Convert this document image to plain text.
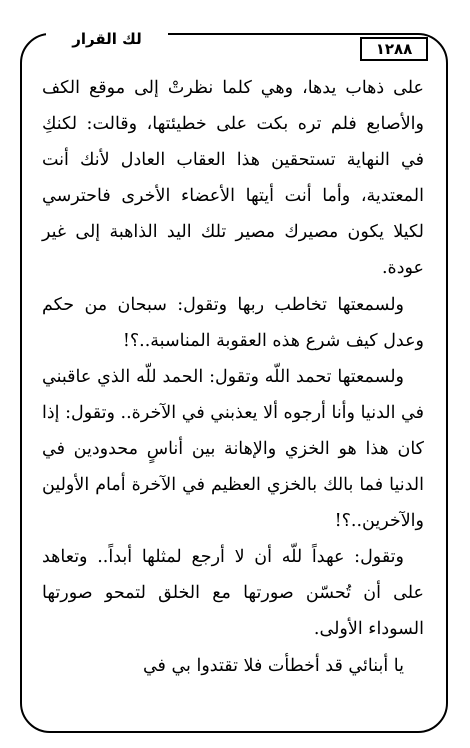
لك القرار
١٢٨٨

على ذهاب يدها، وهي كلما نظرتْ إلى موقع الكف والأصابع فلم تره بكت على خطيئتها، وقالت: لكنكِ في النهاية تستحقين هذا العقاب العادل لأنك أنت المعتدية، وأما أنت أيتها الأعضاء الأخرى فاحترسي لكيلا يكون مصيرك مصير تلك اليد الذاهبة إلى غير عودة.

ولسمعتها تخاطب ربها وتقول: سبحان من حكم وعدل كيف شرع هذه العقوبة المناسبة..؟!

ولسمعتها تحمد اللّه وتقول: الحمد للّه الذي عاقبني في الدنيا وأنا أرجوه ألا يعذبني في الآخرة.. وتقول: إذا كان هذا هو الخزي والإهانة بين أناسٍ محدودين في الدنيا فما بالك بالخزي العظيم في الآخرة أمام الأولين والآخرين..؟!

وتقول: عهداً للّه أن لا أرجع لمثلها أبداً.. وتعاهد على أن تُحسّن صورتها مع الخلق لتمحو صورتها السوداء الأولى.

يا أبنائي قد أخطأت فلا تقتدوا بي في
